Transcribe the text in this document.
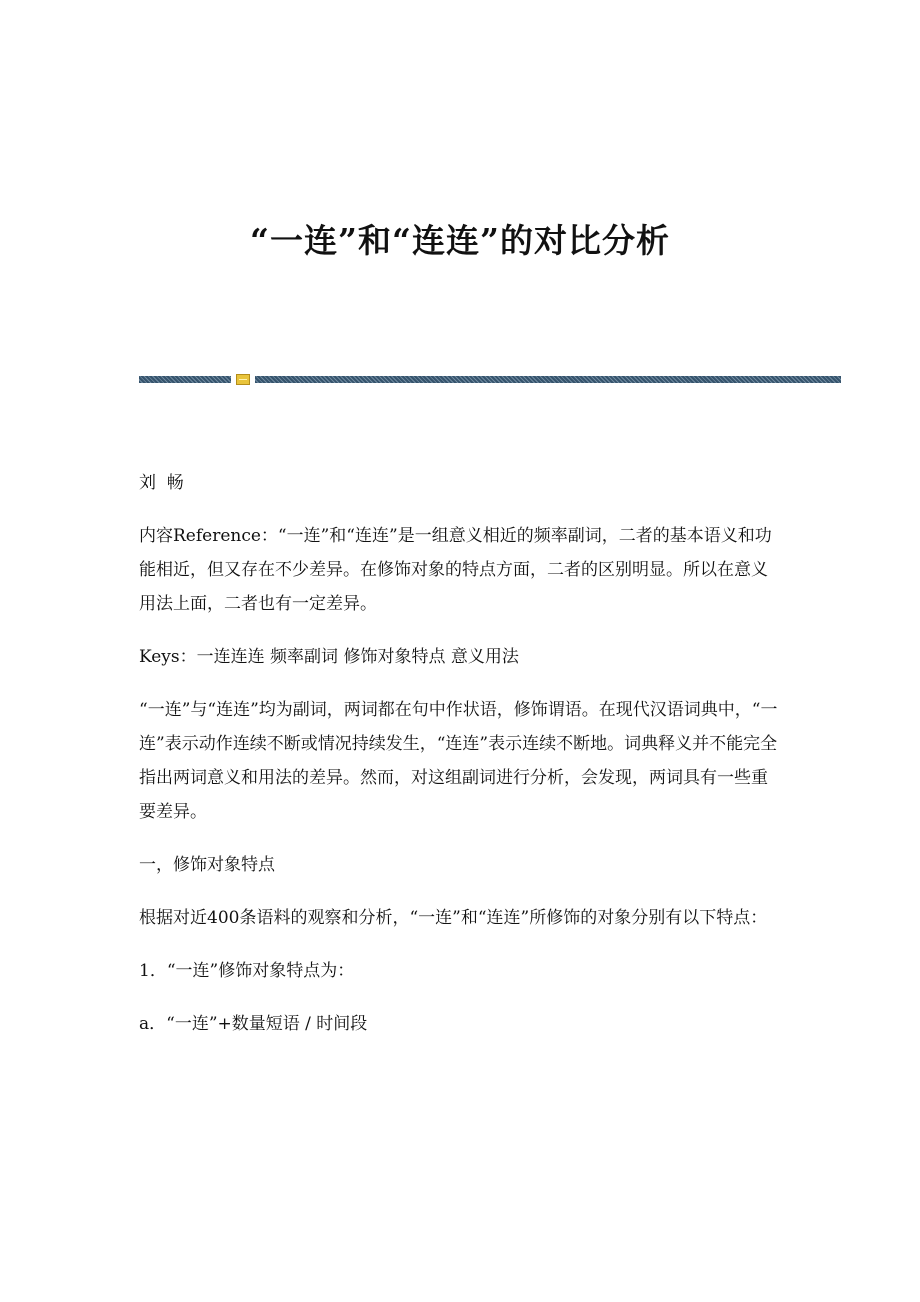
“一连”和“连连”的对比分析

刘  畅

内容Reference：“一连”和“连连”是一组意义相近的频率副词，二者的基本语义和功能相近，但又存在不少差异。在修饰对象的特点方面，二者的区别明显。所以在意义用法上面，二者也有一定差异。

Keys：一连连连 频率副词 修饰对象特点 意义用法

“一连”与“连连”均为副词，两词都在句中作状语，修饰谓语。在现代汉语词典中，“一连”表示动作连续不断或情况持续发生，“连连”表示连续不断地。词典释义并不能完全指出两词意义和用法的差异。然而，对这组副词进行分析，会发现，两词具有一些重要差异。

一，修饰对象特点

根据对近400条语料的观察和分析，“一连”和“连连”所修饰的对象分别有以下特点：

1．“一连”修饰对象特点为：

a．“一连”+数量短语 / 时间段
